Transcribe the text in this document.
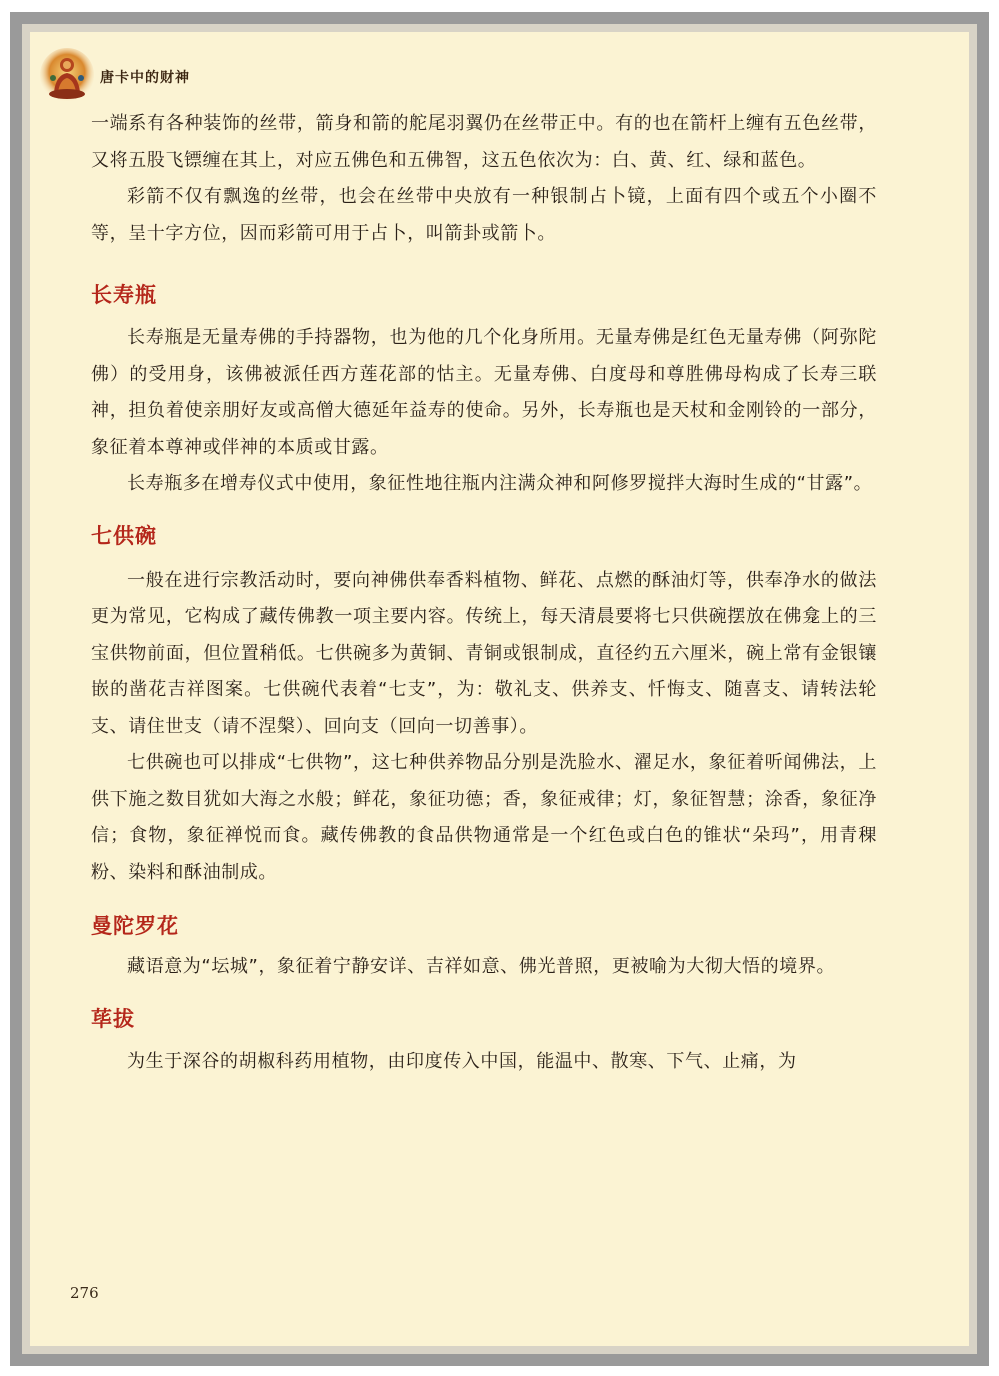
唐卡中的财神

一端系有各种装饰的丝带，箭身和箭的舵尾羽翼仍在丝带正中。有的也在箭杆上缠有五色丝带，又将五股飞镖缠在其上，对应五佛色和五佛智，这五色依次为：白、黄、红、绿和蓝色。

彩箭不仅有飘逸的丝带，也会在丝带中央放有一种银制占卜镜，上面有四个或五个小圈不等，呈十字方位，因而彩箭可用于占卜，叫箭卦或箭卜。

长寿瓶

长寿瓶是无量寿佛的手持器物，也为他的几个化身所用。无量寿佛是红色无量寿佛（阿弥陀佛）的受用身，该佛被派任西方莲花部的怙主。无量寿佛、白度母和尊胜佛母构成了长寿三联神，担负着使亲朋好友或高僧大德延年益寿的使命。另外，长寿瓶也是天杖和金刚铃的一部分，象征着本尊神或伴神的本质或甘露。

长寿瓶多在增寿仪式中使用，象征性地往瓶内注满众神和阿修罗搅拌大海时生成的“甘露”。

七供碗

一般在进行宗教活动时，要向神佛供奉香料植物、鲜花、点燃的酥油灯等，供奉净水的做法更为常见，它构成了藏传佛教一项主要内容。传统上，每天清晨要将七只供碗摆放在佛龛上的三宝供物前面，但位置稍低。七供碗多为黄铜、青铜或银制成，直径约五六厘米，碗上常有金银镶嵌的凿花吉祥图案。七供碗代表着“七支”，为：敬礼支、供养支、忏悔支、随喜支、请转法轮支、请住世支（请不涅槃）、回向支（回向一切善事）。

七供碗也可以排成“七供物”，这七种供养物品分别是洗脸水、濯足水，象征着听闻佛法，上供下施之数目犹如大海之水般；鲜花，象征功德；香，象征戒律；灯，象征智慧；涂香，象征净信；食物，象征禅悦而食。藏传佛教的食品供物通常是一个红色或白色的锥状“朵玛”，用青稞粉、染料和酥油制成。

曼陀罗花

藏语意为“坛城”，象征着宁静安详、吉祥如意、佛光普照，更被喻为大彻大悟的境界。

荜拔

为生于深谷的胡椒科药用植物，由印度传入中国，能温中、散寒、下气、止痛，为

276
